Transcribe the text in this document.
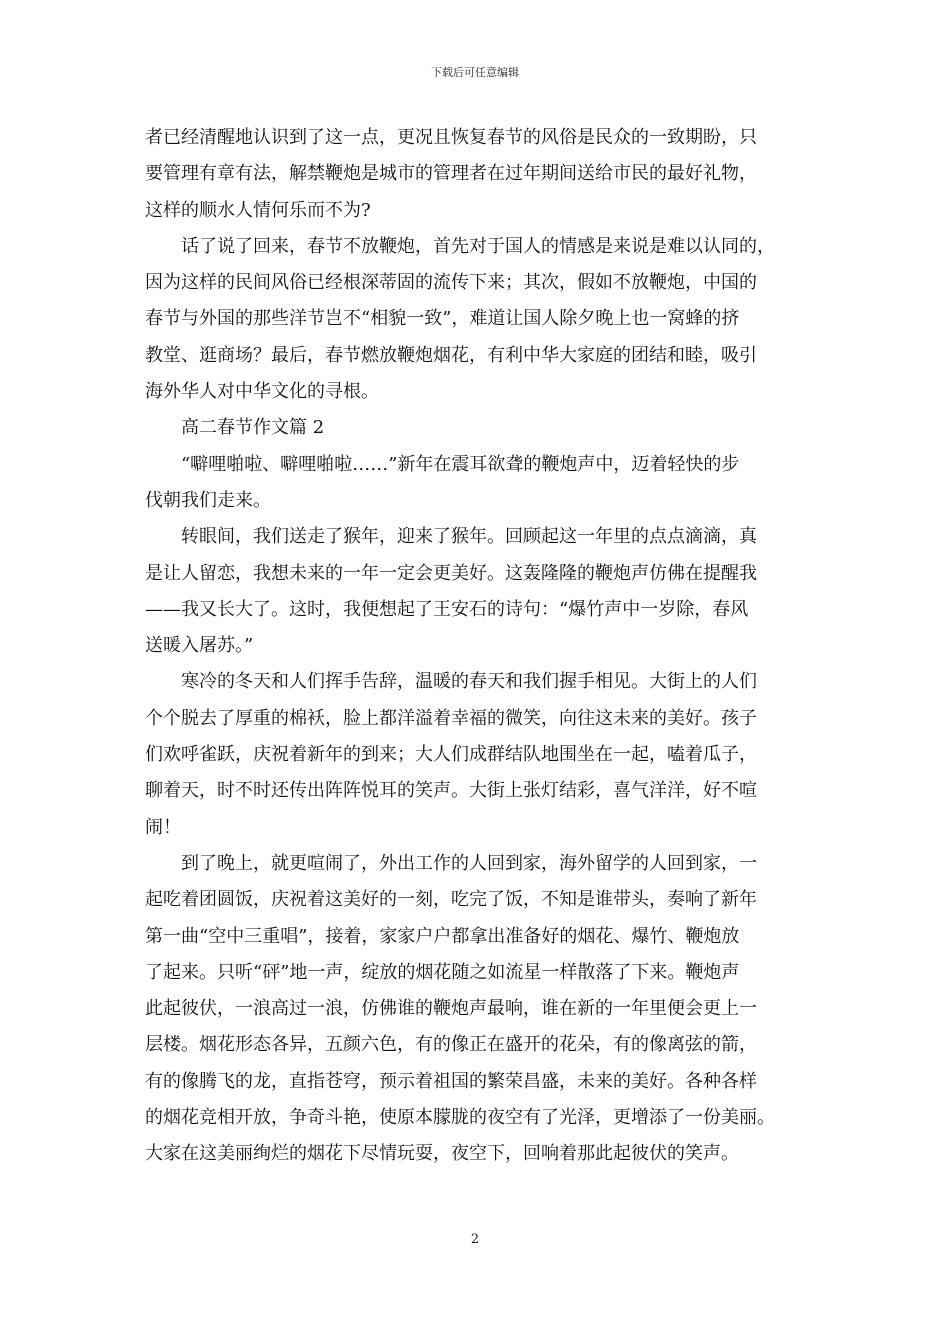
下载后可任意编辑
者已经清醒地认识到了这一点，更况且恢复春节的风俗是民众的一致期盼，只
要管理有章有法，解禁鞭炮是城市的管理者在过年期间送给市民的最好礼物，
这样的顺水人情何乐而不为?
话了说了回来，春节不放鞭炮，首先对于国人的情感是来说是难以认同的，
因为这样的民间风俗已经根深蒂固的流传下来；其次，假如不放鞭炮，中国的
春节与外国的那些洋节岂不“相貌一致”，难道让国人除夕晚上也一窝蜂的挤
教堂、逛商场？最后，春节燃放鞭炮烟花，有利中华大家庭的团结和睦，吸引
海外华人对中华文化的寻根。
高二春节作文篇 2
“噼哩啪啦、噼哩啪啦……”新年在震耳欲聋的鞭炮声中，迈着轻快的步
伐朝我们走来。
转眼间，我们送走了猴年，迎来了猴年。回顾起这一年里的点点滴滴，真
是让人留恋，我想未来的一年一定会更美好。这轰隆隆的鞭炮声仿佛在提醒我
——我又长大了。这时，我便想起了王安石的诗句：“爆竹声中一岁除，春风
送暖入屠苏。”
寒冷的冬天和人们挥手告辞，温暖的春天和我们握手相见。大街上的人们
个个脱去了厚重的棉袄，脸上都洋溢着幸福的微笑，向往这未来的美好。孩子
们欢呼雀跃，庆祝着新年的到来；大人们成群结队地围坐在一起，嗑着瓜子，
聊着天，时不时还传出阵阵悦耳的笑声。大街上张灯结彩，喜气洋洋，好不喧
闹！
到了晚上，就更喧闹了，外出工作的人回到家，海外留学的人回到家，一
起吃着团圆饭，庆祝着这美好的一刻，吃完了饭，不知是谁带头，奏响了新年
第一曲“空中三重唱”，接着，家家户户都拿出准备好的烟花、爆竹、鞭炮放
了起来。只听“砰”地一声，绽放的烟花随之如流星一样散落了下来。鞭炮声
此起彼伏，一浪高过一浪，仿佛谁的鞭炮声最响，谁在新的一年里便会更上一
层楼。烟花形态各异，五颜六色，有的像正在盛开的花朵，有的像离弦的箭，
有的像腾飞的龙，直指苍穹，预示着祖国的繁荣昌盛，未来的美好。各种各样
的烟花竞相开放，争奇斗艳，使原本朦胧的夜空有了光泽，更增添了一份美丽。
大家在这美丽绚烂的烟花下尽情玩耍，夜空下，回响着那此起彼伏的笑声。
2
